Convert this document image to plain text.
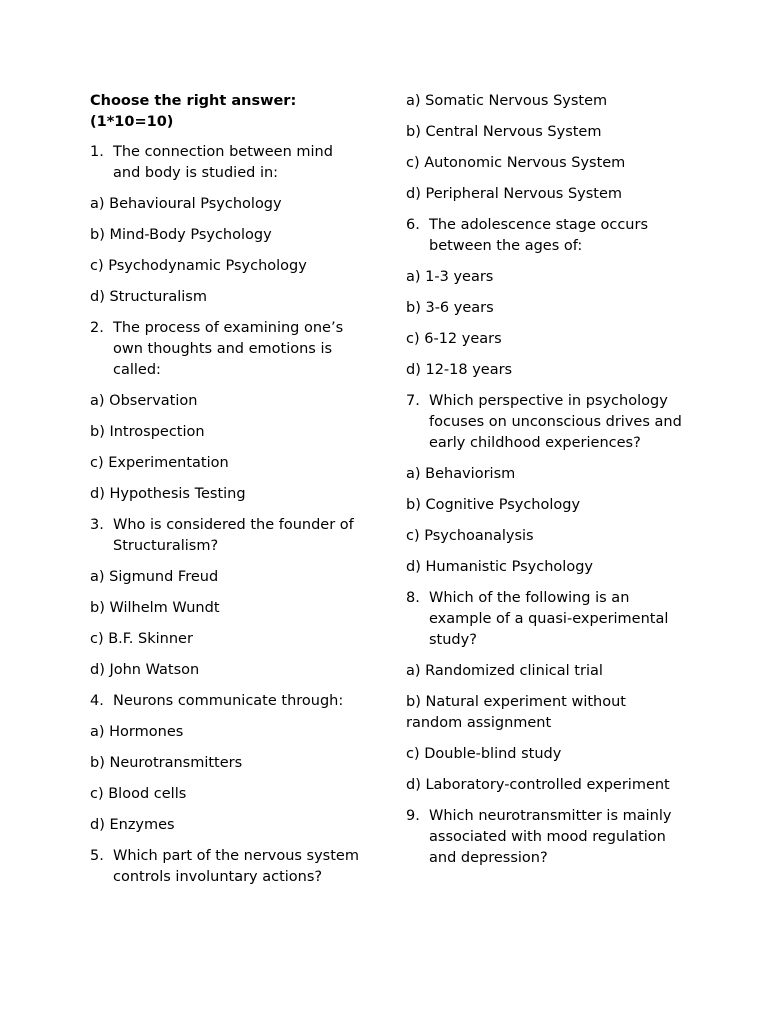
Choose the right answer:
(1*10=10)
1. The connection between mind and body is studied in:
a) Behavioural Psychology
b) Mind-Body Psychology
c) Psychodynamic Psychology
d) Structuralism
2. The process of examining one’s own thoughts and emotions is called:
a) Observation
b) Introspection
c) Experimentation
d) Hypothesis Testing
3. Who is considered the founder of Structuralism?
a) Sigmund Freud
b) Wilhelm Wundt
c) B.F. Skinner
d) John Watson
4. Neurons communicate through:
a) Hormones
b) Neurotransmitters
c) Blood cells
d) Enzymes
5. Which part of the nervous system controls involuntary actions?
a) Somatic Nervous System
b) Central Nervous System
c) Autonomic Nervous System
d) Peripheral Nervous System
6. The adolescence stage occurs between the ages of:
a) 1-3 years
b) 3-6 years
c) 6-12 years
d) 12-18 years
7. Which perspective in psychology focuses on unconscious drives and early childhood experiences?
a) Behaviorism
b) Cognitive Psychology
c) Psychoanalysis
d) Humanistic Psychology
8. Which of the following is an example of a quasi-experimental study?
a) Randomized clinical trial
b) Natural experiment without random assignment
c) Double-blind study
d) Laboratory-controlled experiment
9. Which neurotransmitter is mainly associated with mood regulation and depression?
